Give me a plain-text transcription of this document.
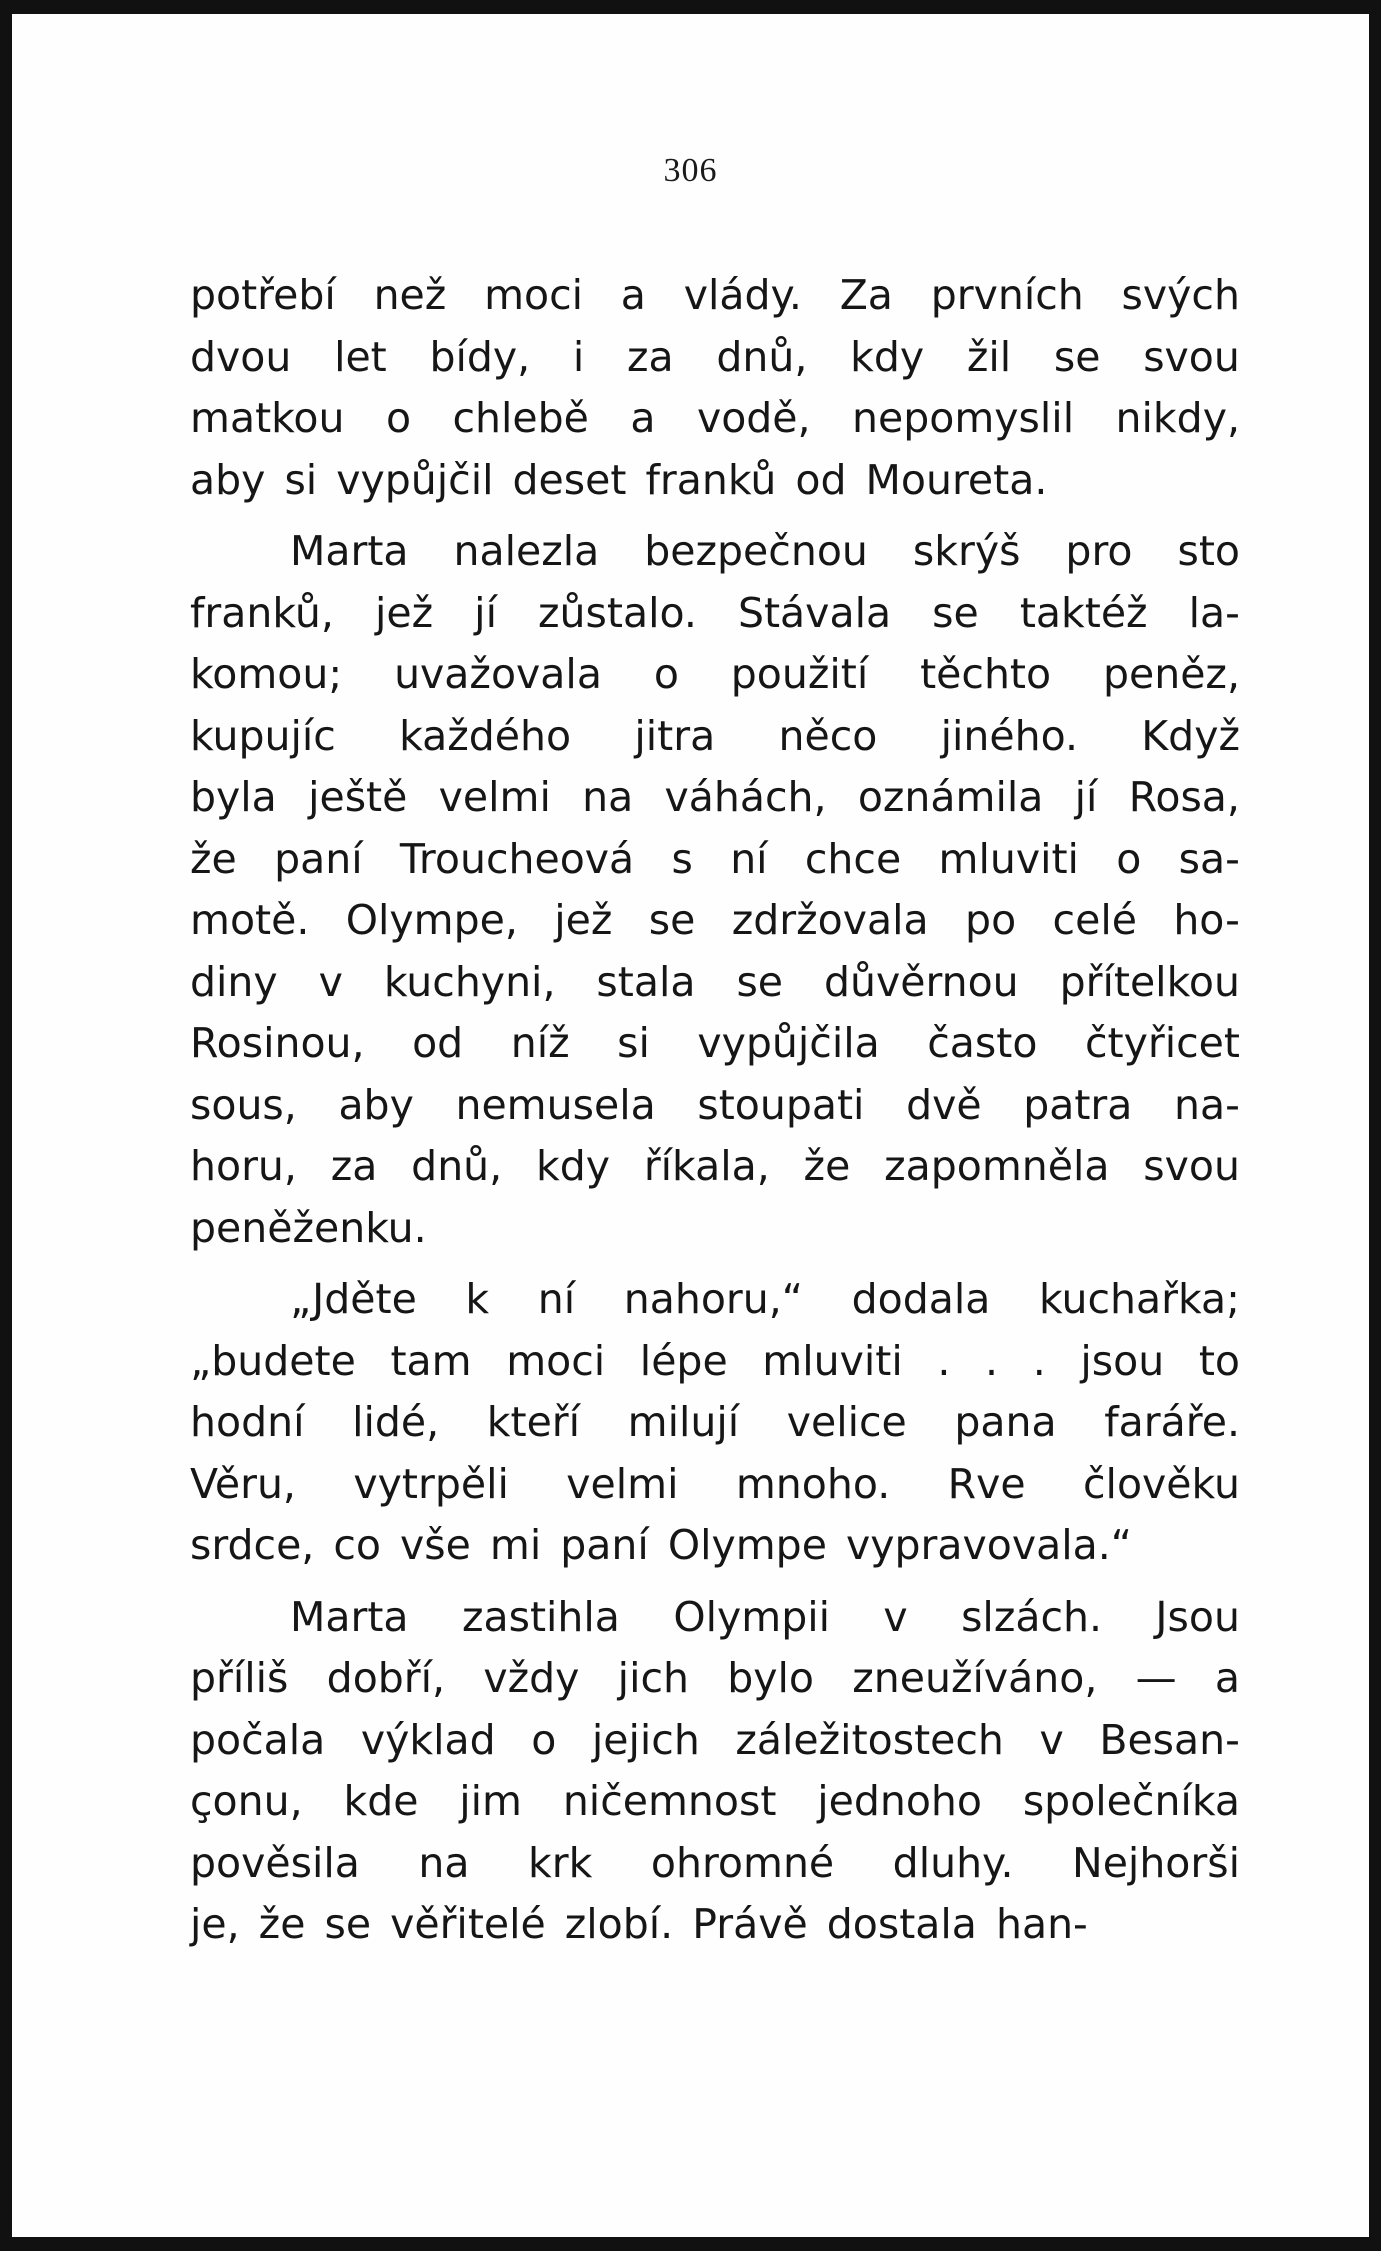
306
potřebí než moci a vlády. Za prvních svých
dvou let bídy, i za dnů, kdy žil se svou
matkou o chlebě a vodě, nepomyslil nikdy,
aby si vypůjčil deset franků od Moureta.
Marta nalezla bezpečnou skrýš pro sto
franků, jež jí zůstalo. Stávala se taktéž la-
komou; uvažovala o použití těchto peněz,
kupujíc každého jitra něco jiného. Když
byla ještě velmi na váhách, oznámila jí Rosa,
že paní Troucheová s ní chce mluviti o sa-
motě. Olympe, jež se zdržovala po celé ho-
diny v kuchyni, stala se důvěrnou přítelkou
Rosinou, od níž si vypůjčila často čtyřicet
sous, aby nemusela stoupati dvě patra na-
horu, za dnů, kdy říkala, že zapomněla svou
peněženku.
„Jděte k ní nahoru,“ dodala kuchařka;
„budete tam moci lépe mluviti . . . jsou to
hodní lidé, kteří milují velice pana faráře.
Věru, vytrpěli velmi mnoho. Rve člověku
srdce, co vše mi paní Olympe vypravovala.“
Marta zastihla Olympii v slzách. Jsou
příliš dobří, vždy jich bylo zneužíváno, — a
počala výklad o jejich záležitostech v Besan-
çonu, kde jim ničemnost jednoho společníka
pověsila na krk ohromné dluhy. Nejhorši
je, že se věřitelé zlobí. Právě dostala han-
